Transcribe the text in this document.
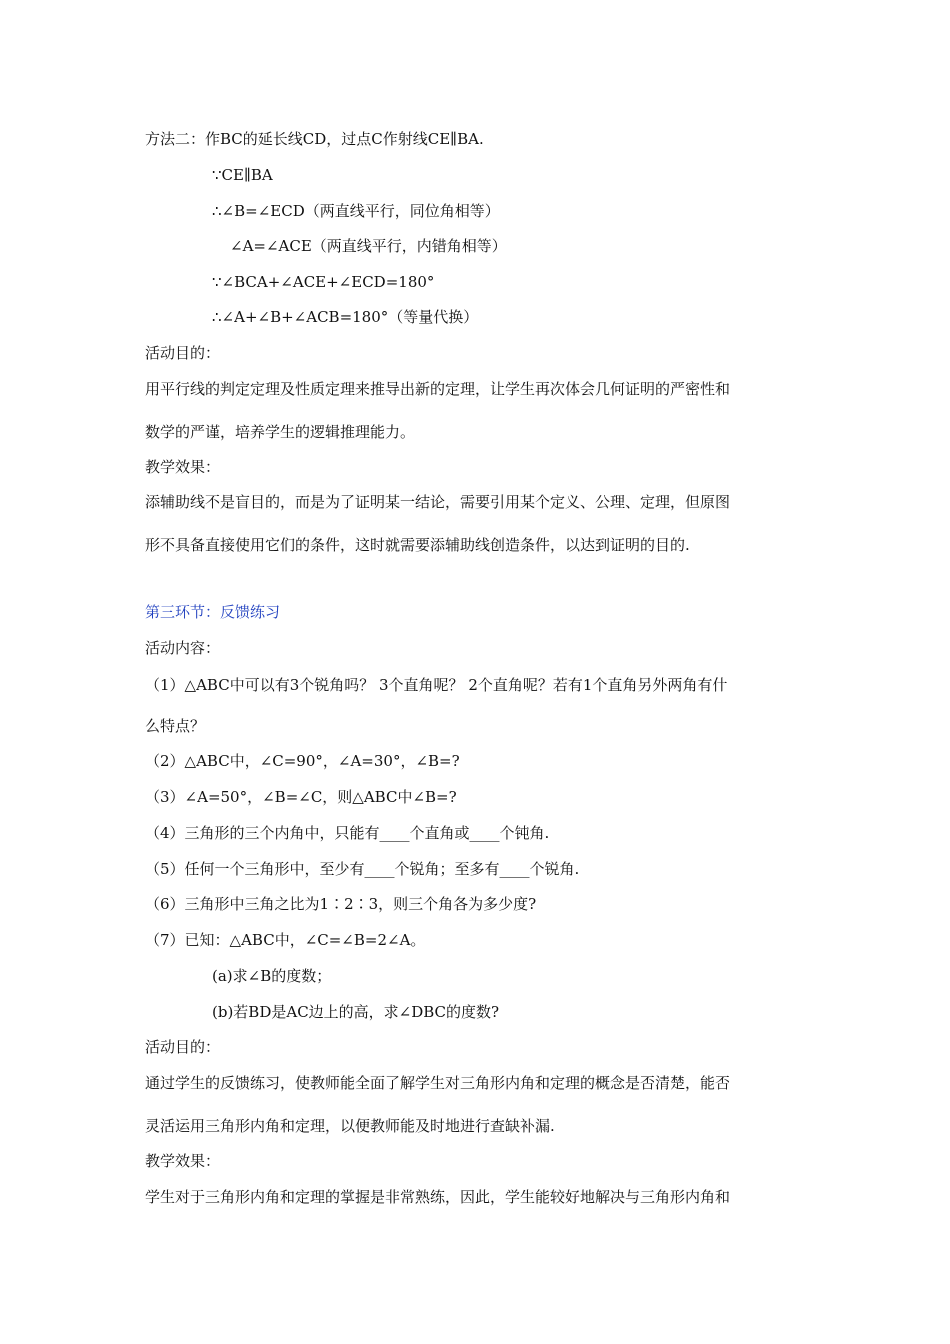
方法二：作BC的延长线CD，过点C作射线CE∥BA.
∵CE∥BA
∴∠B=∠ECD（两直线平行，同位角相等）
∠A=∠ACE（两直线平行，内错角相等）
∵∠BCA+∠ACE+∠ECD=180°
∴∠A+∠B+∠ACB=180°（等量代换）
活动目的：
用平行线的判定定理及性质定理来推导出新的定理，让学生再次体会几何证明的严密性和
数学的严谨，培养学生的逻辑推理能力。
教学效果：
添辅助线不是盲目的，而是为了证明某一结论，需要引用某个定义、公理、定理，但原图
形不具备直接使用它们的条件，这时就需要添辅助线创造条件，以达到证明的目的.
第三环节：反馈练习
活动内容：
（1）△ABC中可以有3个锐角吗？ 3个直角呢？ 2个直角呢？若有1个直角另外两角有什
么特点？
（2）△ABC中，∠C=90°，∠A=30°，∠B=?
（3）∠A=50°，∠B=∠C，则△ABC中∠B=?
（4）三角形的三个内角中，只能有____个直角或____个钝角.
（5）任何一个三角形中，至少有____个锐角；至多有____个锐角.
（6）三角形中三角之比为1∶2∶3，则三个角各为多少度?
（7）已知：△ABC中，∠C=∠B=2∠A。
(a)求∠B的度数；
(b)若BD是AC边上的高，求∠DBC的度数?
活动目的：
通过学生的反馈练习，使教师能全面了解学生对三角形内角和定理的概念是否清楚，能否
灵活运用三角形内角和定理，以便教师能及时地进行查缺补漏.
教学效果：
学生对于三角形内角和定理的掌握是非常熟练，因此，学生能较好地解决与三角形内角和
